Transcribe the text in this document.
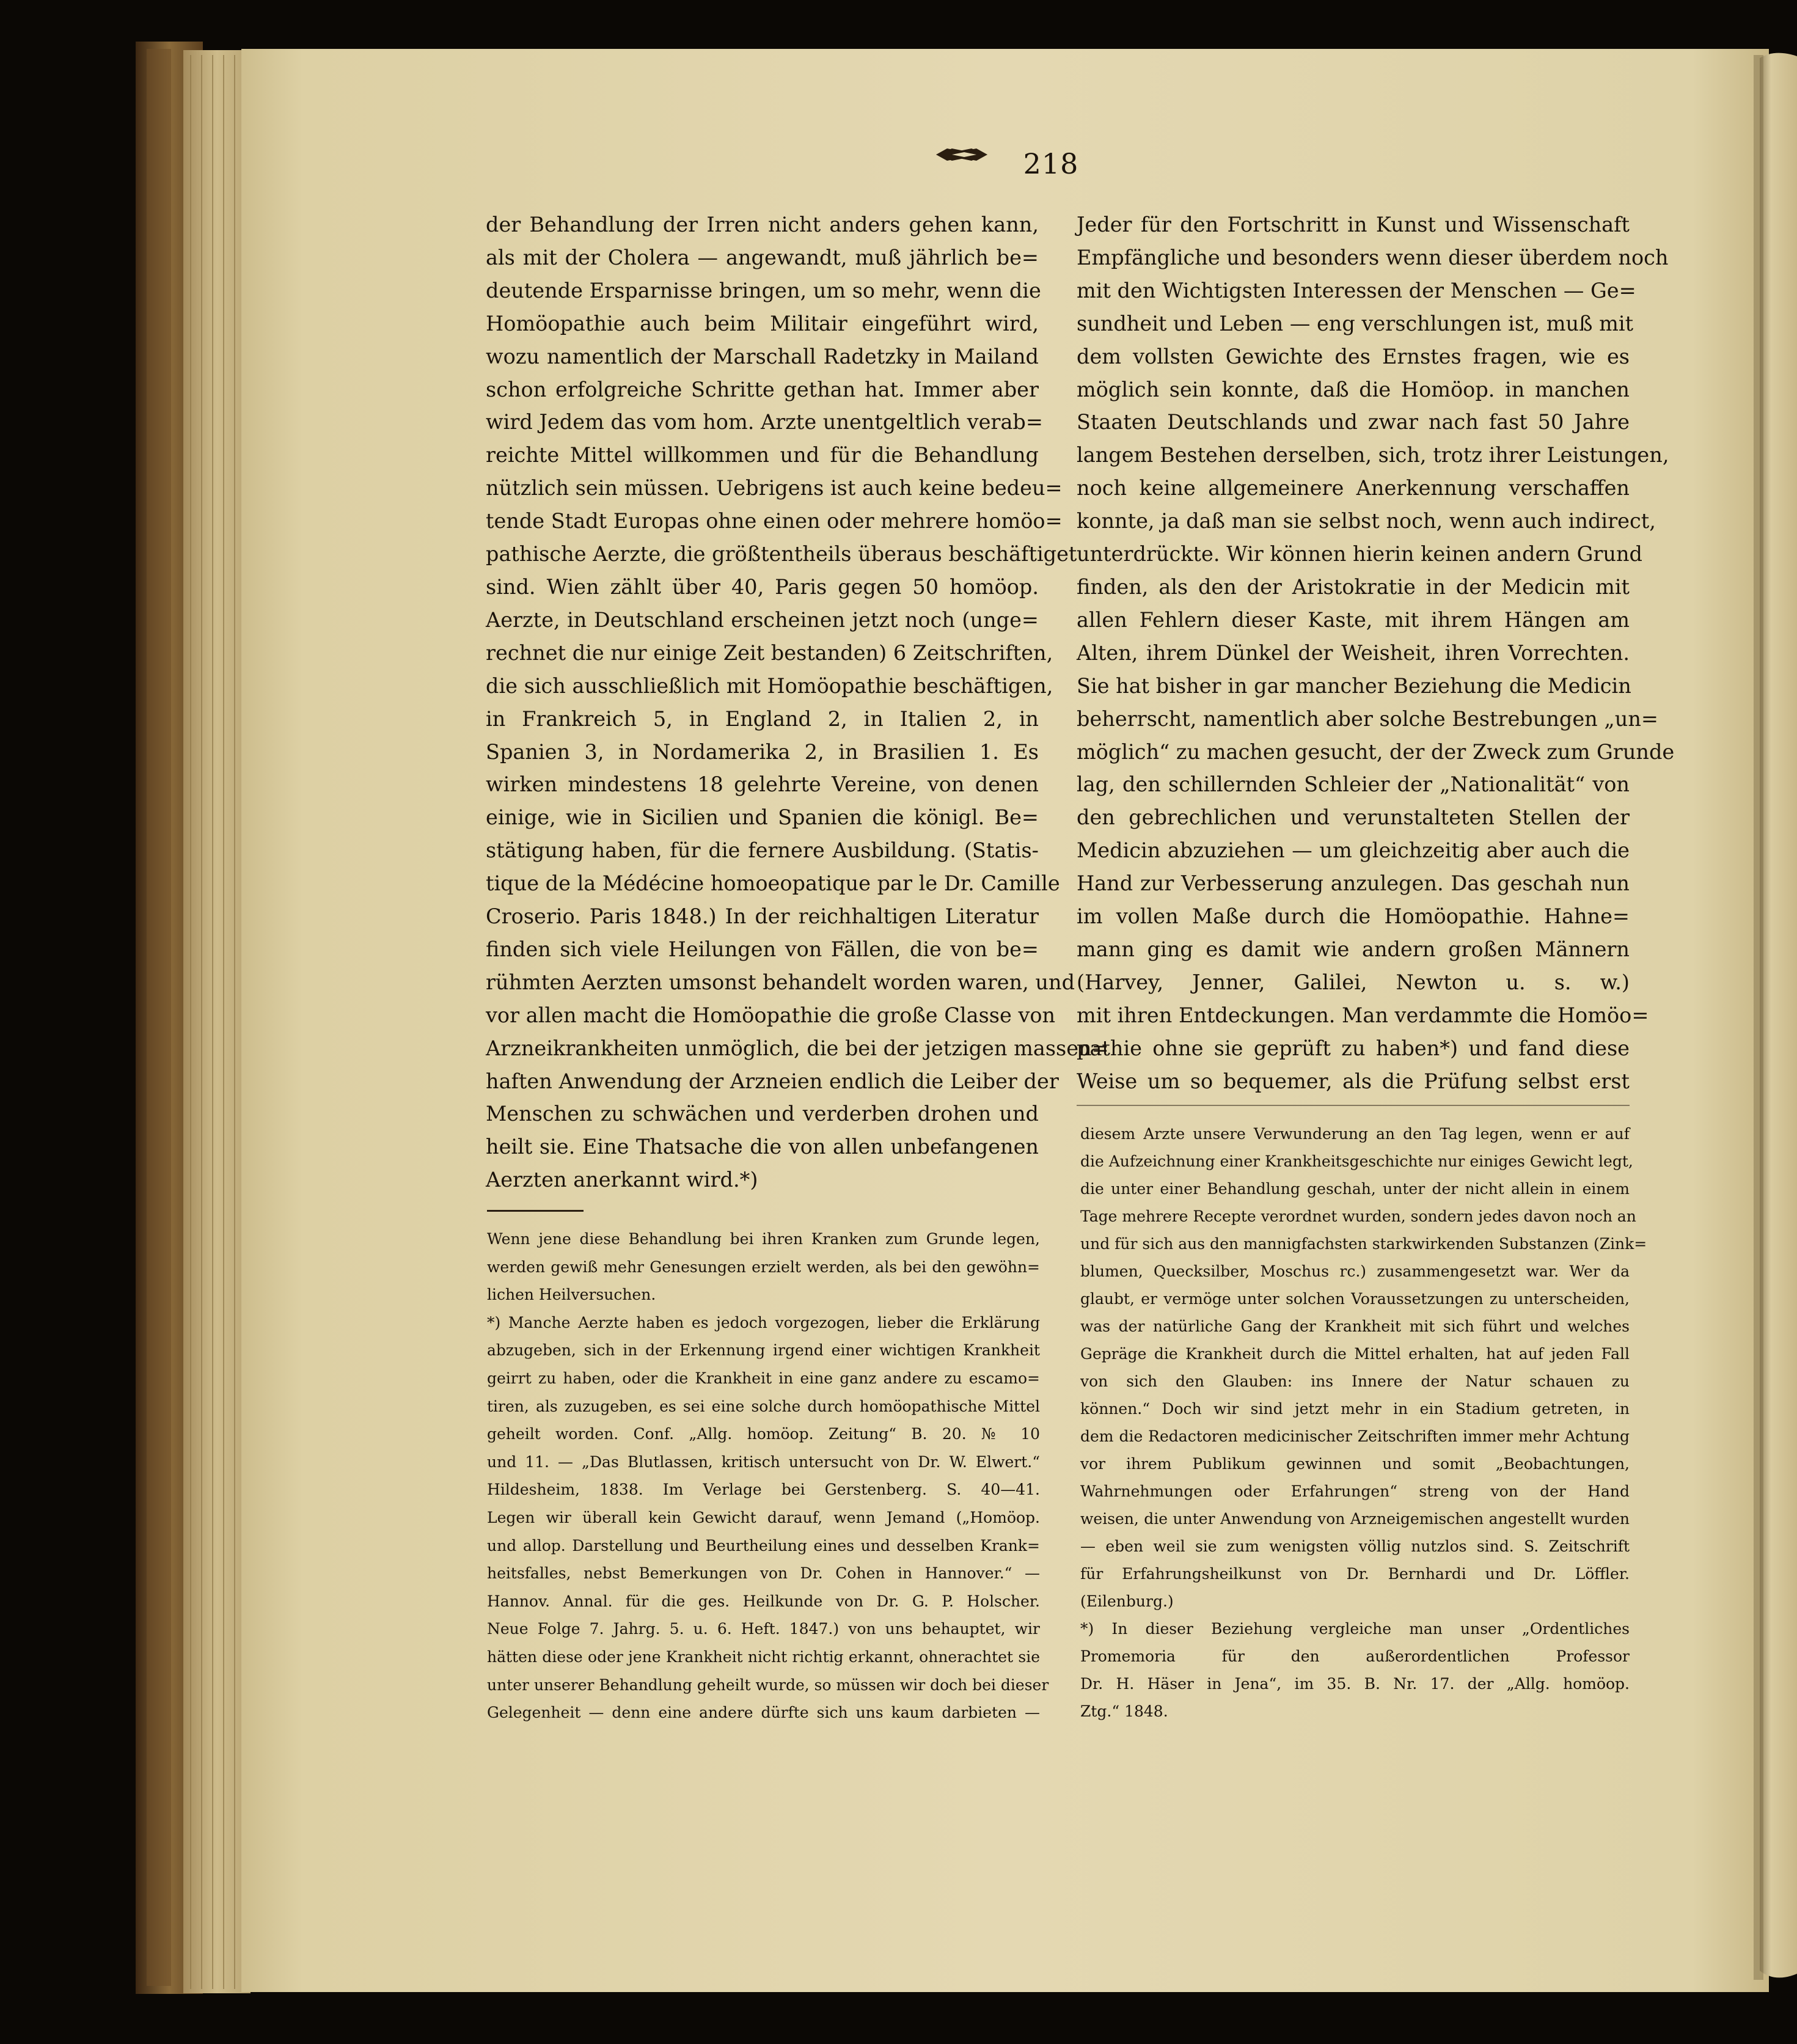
218
der Behandlung der Irren nicht anders gehen kann,
als mit der Cholera — angewandt, muß jährlich be=
deutende Ersparnisse bringen, um so mehr, wenn die
Homöopathie auch beim Militair eingeführt wird,
wozu namentlich der Marschall Radetzky in Mailand
schon erfolgreiche Schritte gethan hat. Immer aber
wird Jedem das vom hom. Arzte unentgeltlich verab=
reichte Mittel willkommen und für die Behandlung
nützlich sein müssen. Uebrigens ist auch keine bedeu=
tende Stadt Europas ohne einen oder mehrere homöo=
pathische Aerzte, die größtentheils überaus beschäftiget
sind. Wien zählt über 40, Paris gegen 50 homöop.
Aerzte, in Deutschland erscheinen jetzt noch (unge=
rechnet die nur einige Zeit bestanden) 6 Zeitschriften,
die sich ausschließlich mit Homöopathie beschäftigen,
in Frankreich 5, in England 2, in Italien 2, in
Spanien 3, in Nordamerika 2, in Brasilien 1. Es
wirken mindestens 18 gelehrte Vereine, von denen
einige, wie in Sicilien und Spanien die königl. Be=
stätigung haben, für die fernere Ausbildung. (Statis-
tique de la Médécine homoeopatique par le Dr. Camille
Croserio. Paris 1848.) In der reichhaltigen Literatur
finden sich viele Heilungen von Fällen, die von be=
rühmten Aerzten umsonst behandelt worden waren, und
vor allen macht die Homöopathie die große Classe von
Arzneikrankheiten unmöglich, die bei der jetzigen massen=
haften Anwendung der Arzneien endlich die Leiber der
Menschen zu schwächen und verderben drohen und
heilt sie. Eine Thatsache die von allen unbefangenen
Aerzten anerkannt wird.*)
Wenn jene diese Behandlung bei ihren Kranken zum Grunde legen,
werden gewiß mehr Genesungen erzielt werden, als bei den gewöhn=
lichen Heilversuchen.
*) Manche Aerzte haben es jedoch vorgezogen, lieber die Erklärung
abzugeben, sich in der Erkennung irgend einer wichtigen Krankheit
geirrt zu haben, oder die Krankheit in eine ganz andere zu escamo=
tiren, als zuzugeben, es sei eine solche durch homöopathische Mittel
geheilt worden. Conf. „Allg. homöop. Zeitung“ B. 20. № 10
und 11. — „Das Blutlassen, kritisch untersucht von Dr. W. Elwert.“
Hildesheim, 1838. Im Verlage bei Gerstenberg. S. 40—41.
Legen wir überall kein Gewicht darauf, wenn Jemand („Homöop.
und allop. Darstellung und Beurtheilung eines und desselben Krank=
heitsfalles, nebst Bemerkungen von Dr. Cohen in Hannover.“ —
Hannov. Annal. für die ges. Heilkunde von Dr. G. P. Holscher.
Neue Folge 7. Jahrg. 5. u. 6. Heft. 1847.) von uns behauptet, wir
hätten diese oder jene Krankheit nicht richtig erkannt, ohnerachtet sie
unter unserer Behandlung geheilt wurde, so müssen wir doch bei dieser
Gelegenheit — denn eine andere dürfte sich uns kaum darbieten —
Jeder für den Fortschritt in Kunst und Wissenschaft
Empfängliche und besonders wenn dieser überdem noch
mit den Wichtigsten Interessen der Menschen — Ge=
sundheit und Leben — eng verschlungen ist, muß mit
dem vollsten Gewichte des Ernstes fragen, wie es
möglich sein konnte, daß die Homöop. in manchen
Staaten Deutschlands und zwar nach fast 50 Jahre
langem Bestehen derselben, sich, trotz ihrer Leistungen,
noch keine allgemeinere Anerkennung verschaffen
konnte, ja daß man sie selbst noch, wenn auch indirect,
unterdrückte. Wir können hierin keinen andern Grund
finden, als den der Aristokratie in der Medicin mit
allen Fehlern dieser Kaste, mit ihrem Hängen am
Alten, ihrem Dünkel der Weisheit, ihren Vorrechten.
Sie hat bisher in gar mancher Beziehung die Medicin
beherrscht, namentlich aber solche Bestrebungen „un=
möglich“ zu machen gesucht, der der Zweck zum Grunde
lag, den schillernden Schleier der „Nationalität“ von
den gebrechlichen und verunstalteten Stellen der
Medicin abzuziehen — um gleichzeitig aber auch die
Hand zur Verbesserung anzulegen. Das geschah nun
im vollen Maße durch die Homöopathie. Hahne=
mann ging es damit wie andern großen Männern
(Harvey, Jenner, Galilei, Newton u. s. w.)
mit ihren Entdeckungen. Man verdammte die Homöo=
pathie ohne sie geprüft zu haben*) und fand diese
Weise um so bequemer, als die Prüfung selbst erst
diesem Arzte unsere Verwunderung an den Tag legen, wenn er auf
die Aufzeichnung einer Krankheitsgeschichte nur einiges Gewicht legt,
die unter einer Behandlung geschah, unter der nicht allein in einem
Tage mehrere Recepte verordnet wurden, sondern jedes davon noch an
und für sich aus den mannigfachsten starkwirkenden Substanzen (Zink=
blumen, Quecksilber, Moschus rc.) zusammengesetzt war. Wer da
glaubt, er vermöge unter solchen Voraussetzungen zu unterscheiden,
was der natürliche Gang der Krankheit mit sich führt und welches
Gepräge die Krankheit durch die Mittel erhalten, hat auf jeden Fall
von sich den Glauben: ins Innere der Natur schauen zu
können.“ Doch wir sind jetzt mehr in ein Stadium getreten, in
dem die Redactoren medicinischer Zeitschriften immer mehr Achtung
vor ihrem Publikum gewinnen und somit „Beobachtungen,
Wahrnehmungen oder Erfahrungen“ streng von der Hand
weisen, die unter Anwendung von Arzneigemischen angestellt wurden
— eben weil sie zum wenigsten völlig nutzlos sind. S. Zeitschrift
für Erfahrungsheilkunst von Dr. Bernhardi und Dr. Löffler.
(Eilenburg.)
*) In dieser Beziehung vergleiche man unser „Ordentliches
Promemoria für den außerordentlichen Professor
Dr. H. Häser in Jena“, im 35. B. Nr. 17. der „Allg. homöop.
Ztg.“ 1848.
